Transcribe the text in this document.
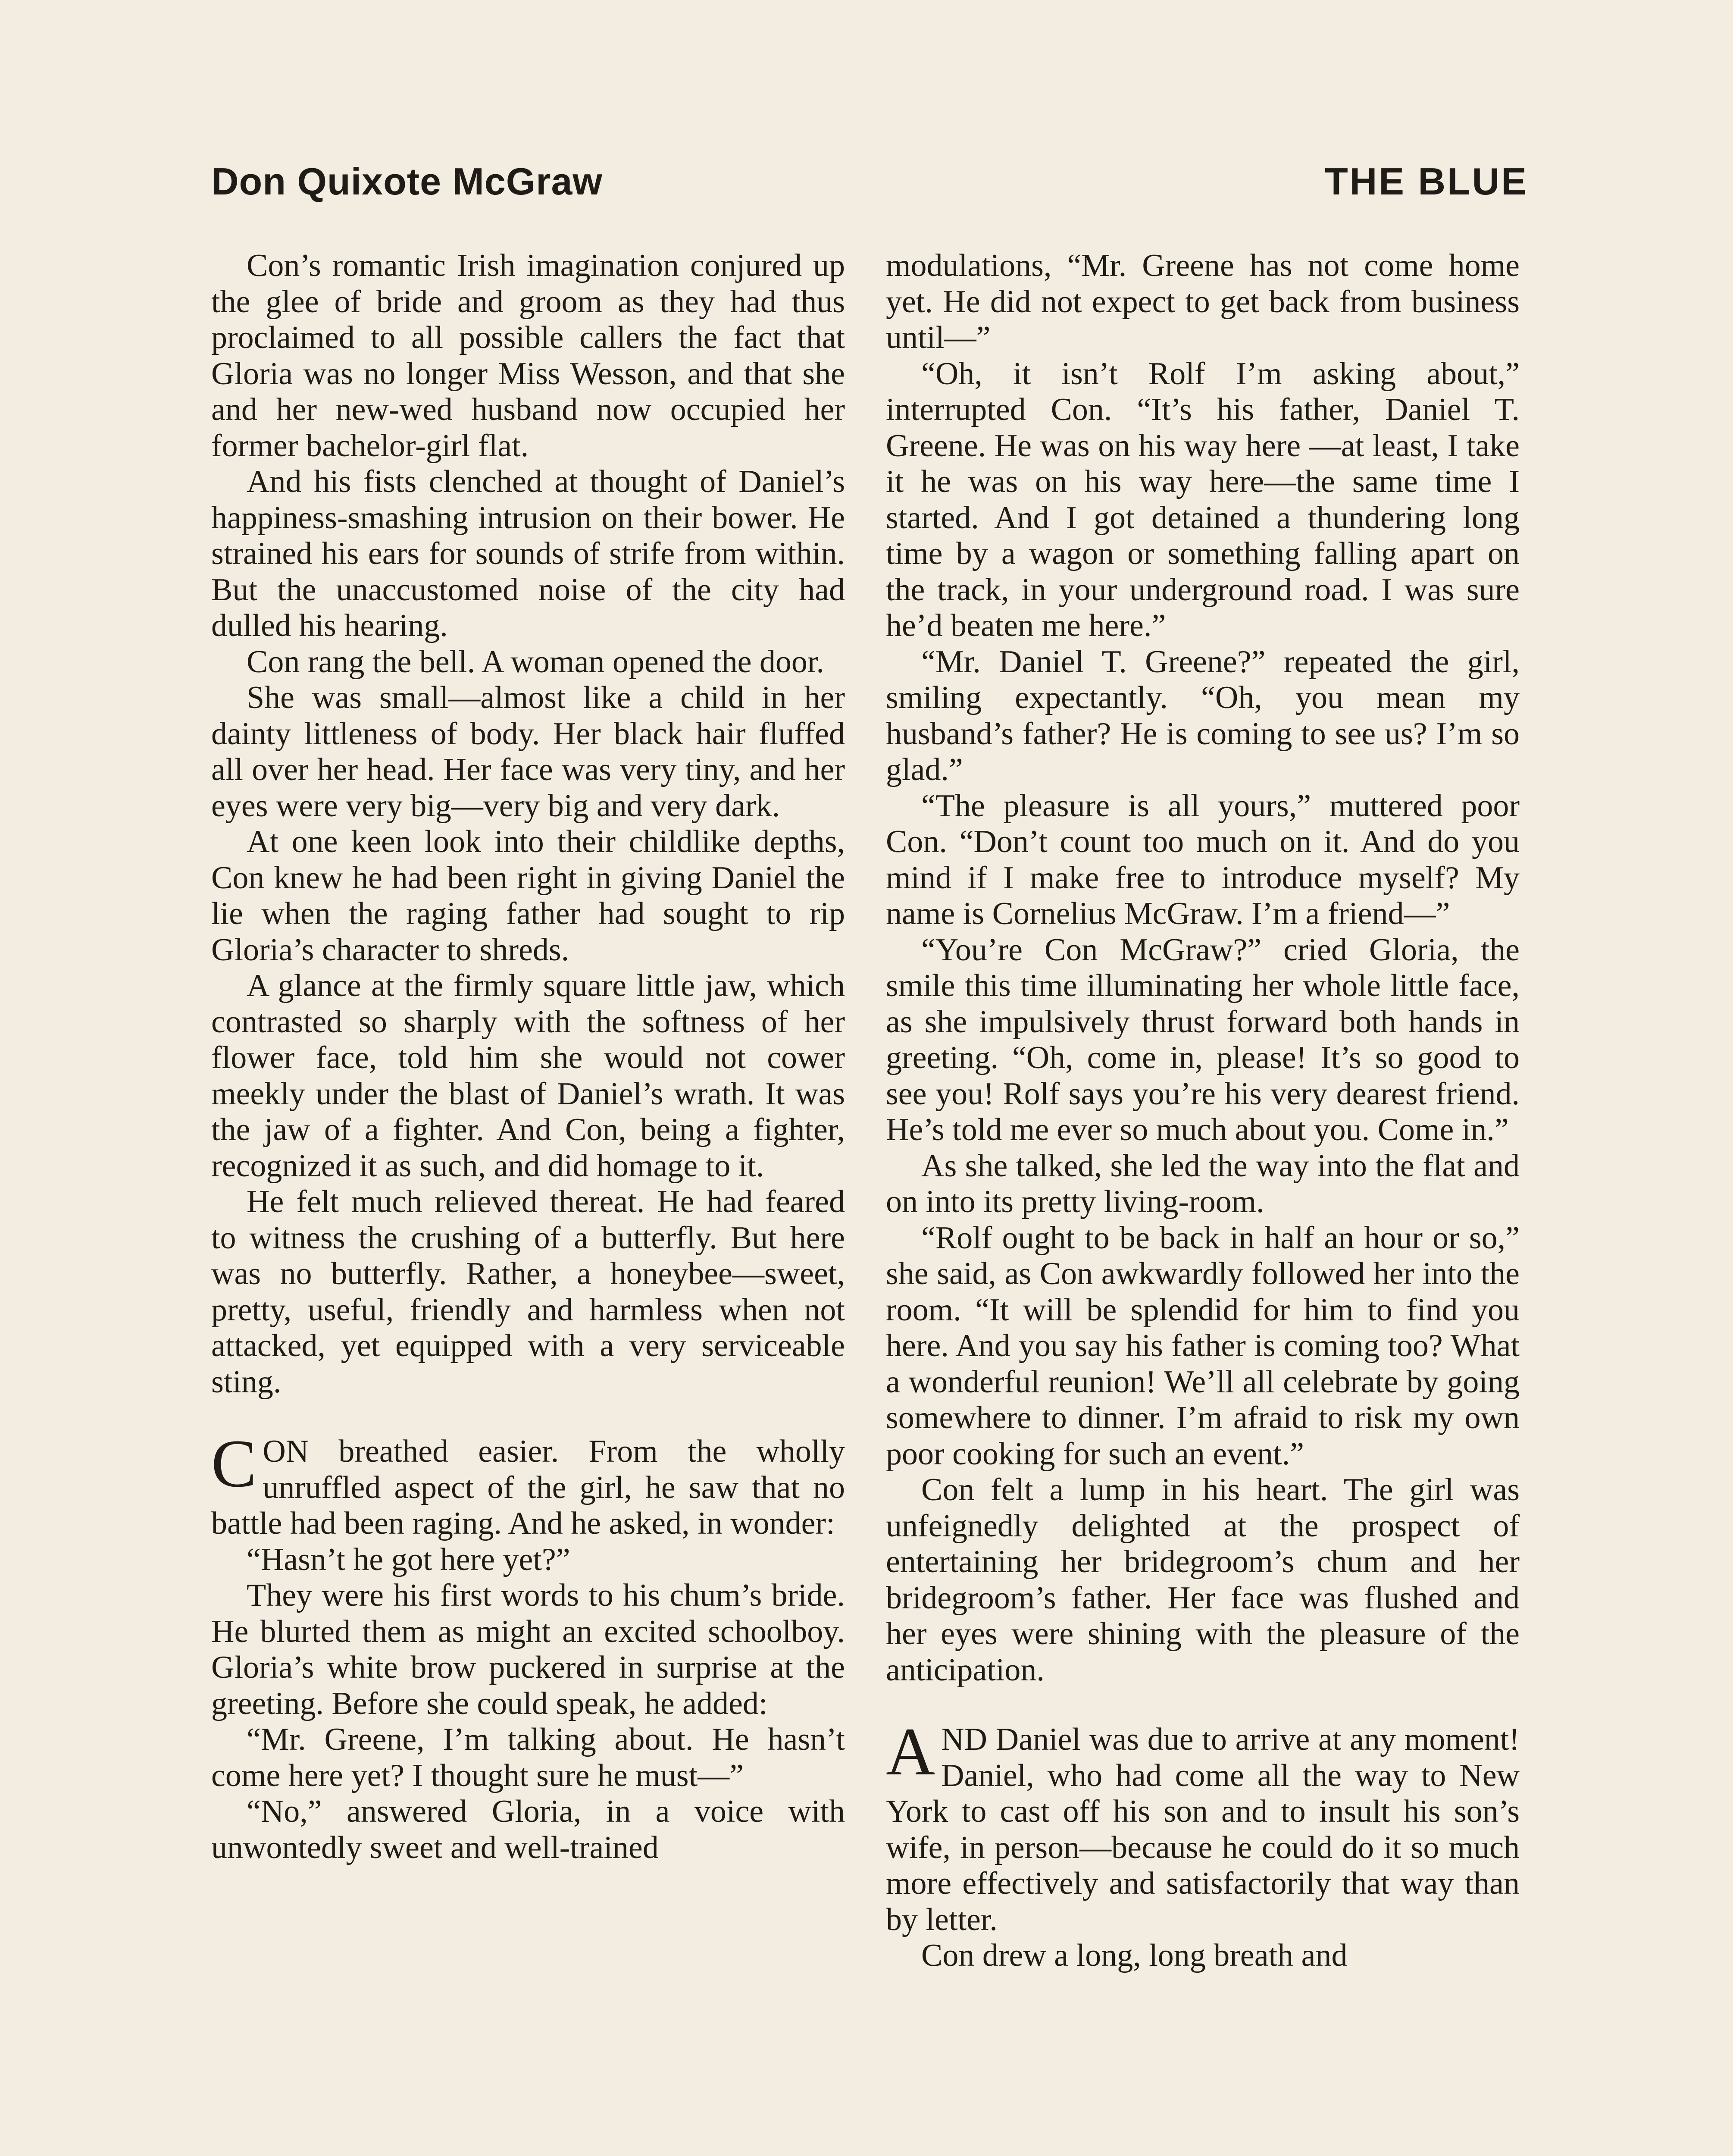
Don Quixote McGraw	THE BLUE

Con’s romantic Irish imagination conjured up the glee of bride and groom as they had thus proclaimed to all possible callers the fact that Gloria was no longer Miss Wesson, and that she and her new-wed husband now occupied her former bachelor-girl flat.

And his fists clenched at thought of Daniel’s happiness-smashing intrusion on their bower. He strained his ears for sounds of strife from within. But the unaccustomed noise of the city had dulled his hearing.

Con rang the bell. A woman opened the door.

She was small—almost like a child in her dainty littleness of body. Her black hair fluffed all over her head. Her face was very tiny, and her eyes were very big—very big and very dark.

At one keen look into their childlike depths, Con knew he had been right in giving Daniel the lie when the raging father had sought to rip Gloria’s character to shreds.

A glance at the firmly square little jaw, which contrasted so sharply with the softness of her flower face, told him she would not cower meekly under the blast of Daniel’s wrath. It was the jaw of a fighter. And Con, being a fighter, recognized it as such, and did homage to it.

He felt much relieved thereat. He had feared to witness the crushing of a butterfly. But here was no butterfly. Rather, a honeybee—sweet, pretty, useful, friendly and harmless when not attacked, yet equipped with a very serviceable sting.

CON breathed easier. From the wholly unruffled aspect of the girl, he saw that no battle had been raging. And he asked, in wonder:

“Hasn’t he got here yet?”

They were his first words to his chum’s bride. He blurted them as might an excited schoolboy. Gloria’s white brow puckered in surprise at the greeting. Before she could speak, he added:

“Mr. Greene, I’m talking about. He hasn’t come here yet? I thought sure he must—”

“No,” answered Gloria, in a voice with unwontedly sweet and well-trained

modulations, “Mr. Greene has not come home yet. He did not expect to get back from business until—”

“Oh, it isn’t Rolf I’m asking about,” interrupted Con. “It’s his father, Daniel T. Greene. He was on his way here —at least, I take it he was on his way here—the same time I started. And I got detained a thundering long time by a wagon or something falling apart on the track, in your underground road. I was sure he’d beaten me here.”

“Mr. Daniel T. Greene?” repeated the girl, smiling expectantly. “Oh, you mean my husband’s father? He is coming to see us? I’m so glad.”

“The pleasure is all yours,” muttered poor Con. “Don’t count too much on it. And do you mind if I make free to introduce myself? My name is Cornelius McGraw. I’m a friend—”

“You’re Con McGraw?” cried Gloria, the smile this time illuminating her whole little face, as she impulsively thrust forward both hands in greeting. “Oh, come in, please! It’s so good to see you! Rolf says you’re his very dearest friend. He’s told me ever so much about you. Come in.”

As she talked, she led the way into the flat and on into its pretty living-room.

“Rolf ought to be back in half an hour or so,” she said, as Con awkwardly followed her into the room. “It will be splendid for him to find you here. And you say his father is coming too? What a wonderful reunion! We’ll all celebrate by going somewhere to dinner. I’m afraid to risk my own poor cooking for such an event.”

Con felt a lump in his heart. The girl was unfeignedly delighted at the prospect of entertaining her bridegroom’s chum and her bridegroom’s father. Her face was flushed and her eyes were shining with the pleasure of the anticipation.

AND Daniel was due to arrive at any moment! Daniel, who had come all the way to New York to cast off his son and to insult his son’s wife, in person—because he could do it so much more effectively and satisfactorily that way than by letter.

Con drew a long, long breath and
